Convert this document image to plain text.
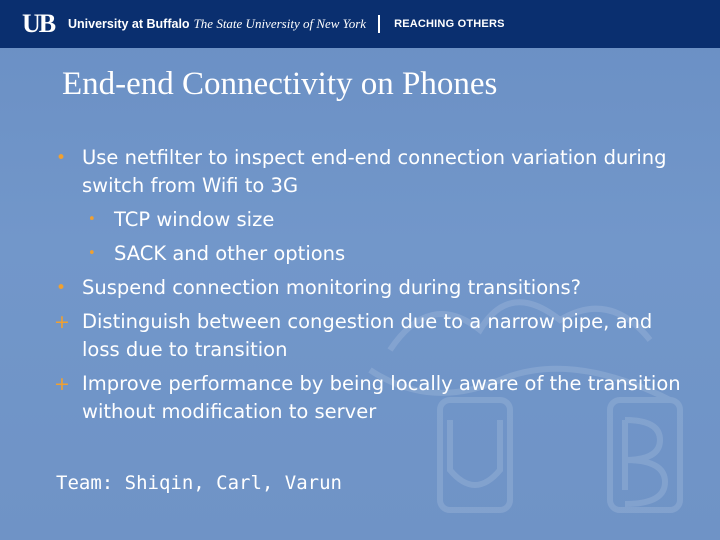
UB	University at Buffalo The State University of New York	REACHING OTHERS
End-end Connectivity on Phones
• Use netfilter to inspect end-end connection variation during switch from Wifi to 3G
• TCP window size
• SACK and other options
• Suspend connection monitoring during transitions?
+ Distinguish between congestion due to a narrow pipe, and loss due to transition
+ Improve performance by being locally aware of the transition without modification to server
Team: Shiqin, Carl, Varun
